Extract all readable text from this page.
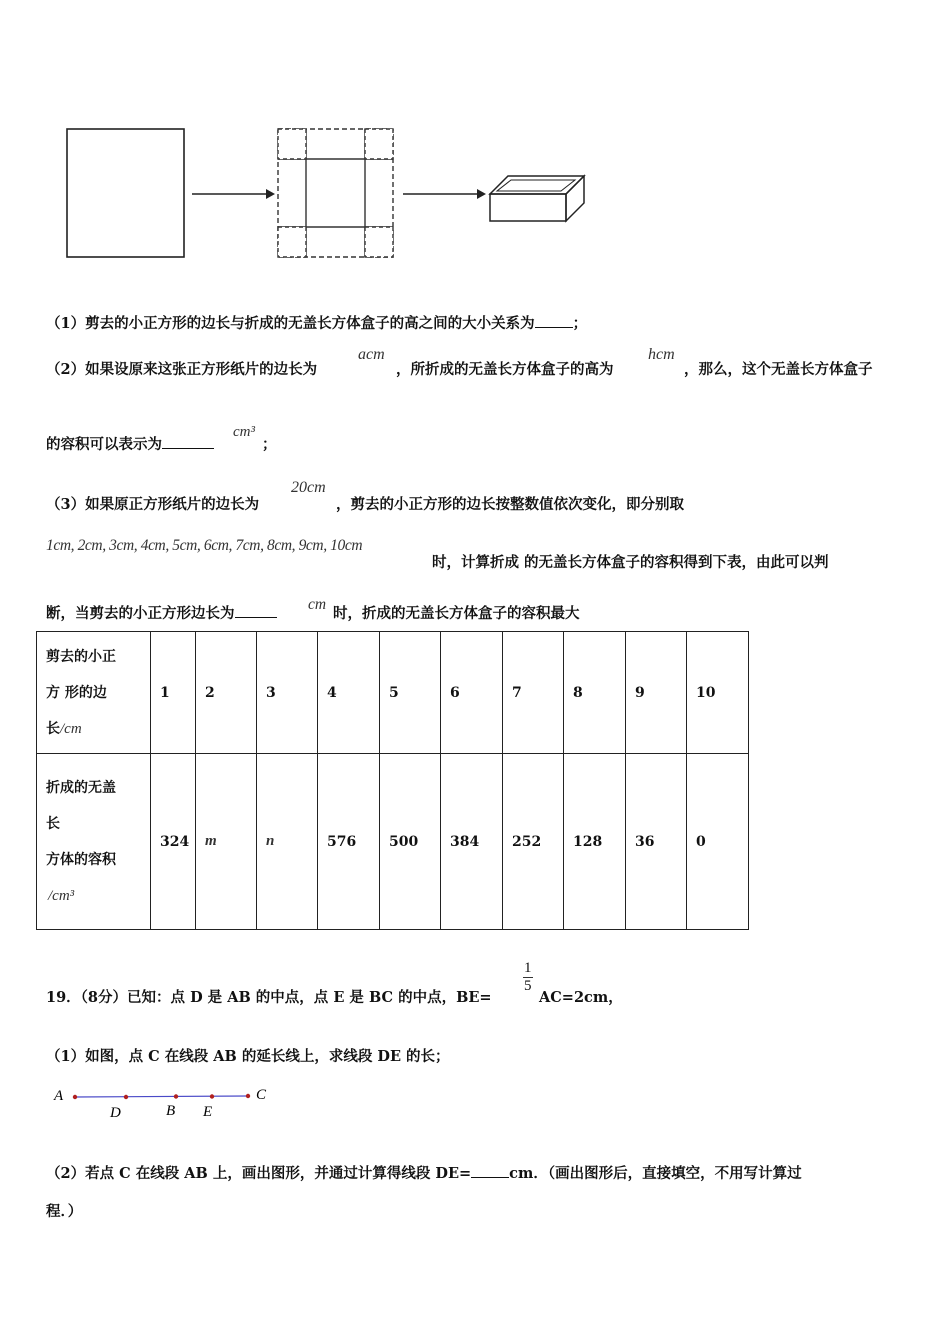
（1）剪去的小正方形的边长与折成的无盖长方体盒子的高之间的大小关系为	；
（2）如果设原来这张正方形纸片的边长为
acm
，所折成的无盖长方体盒子的高为
hcm
，那么，这个无盖长方体盒子
的容积可以表示为
cm³
；
（3）如果原正方形纸片的边长为
20cm
，剪去的小正方形的边长按整数值依次变化，即分别取
1cm, 2cm, 3cm, 4cm, 5cm, 6cm, 7cm, 8cm, 9cm, 10cm
时，计算折成 的无盖长方体盒子的容积得到下表，由此可以判
断，当剪去的小正方形边长为
cm
时，折成的无盖长方体盒子的容积最大
剪去的小正
方 形的边
长/cm	1	2	3	4	5	6	7	8	9	10

折成的无盖
长
方体的容积
/cm³	324	m	n	576	500	384	252	128	36	0
19．（8分）已知：点 D 是 AB 的中点，点 E 是 BC 的中点，BE=
$\frac{1}{5}$
AC=2cm，
（1）如图，点 C 在线段 AB 的延长线上，求线段 DE 的长；
A
D	B E
C
（2）若点 C 在线段 AB 上，画出图形，并通过计算得线段 DE=	cm．（画出图形后，直接填空，不用写计算过
程．）
